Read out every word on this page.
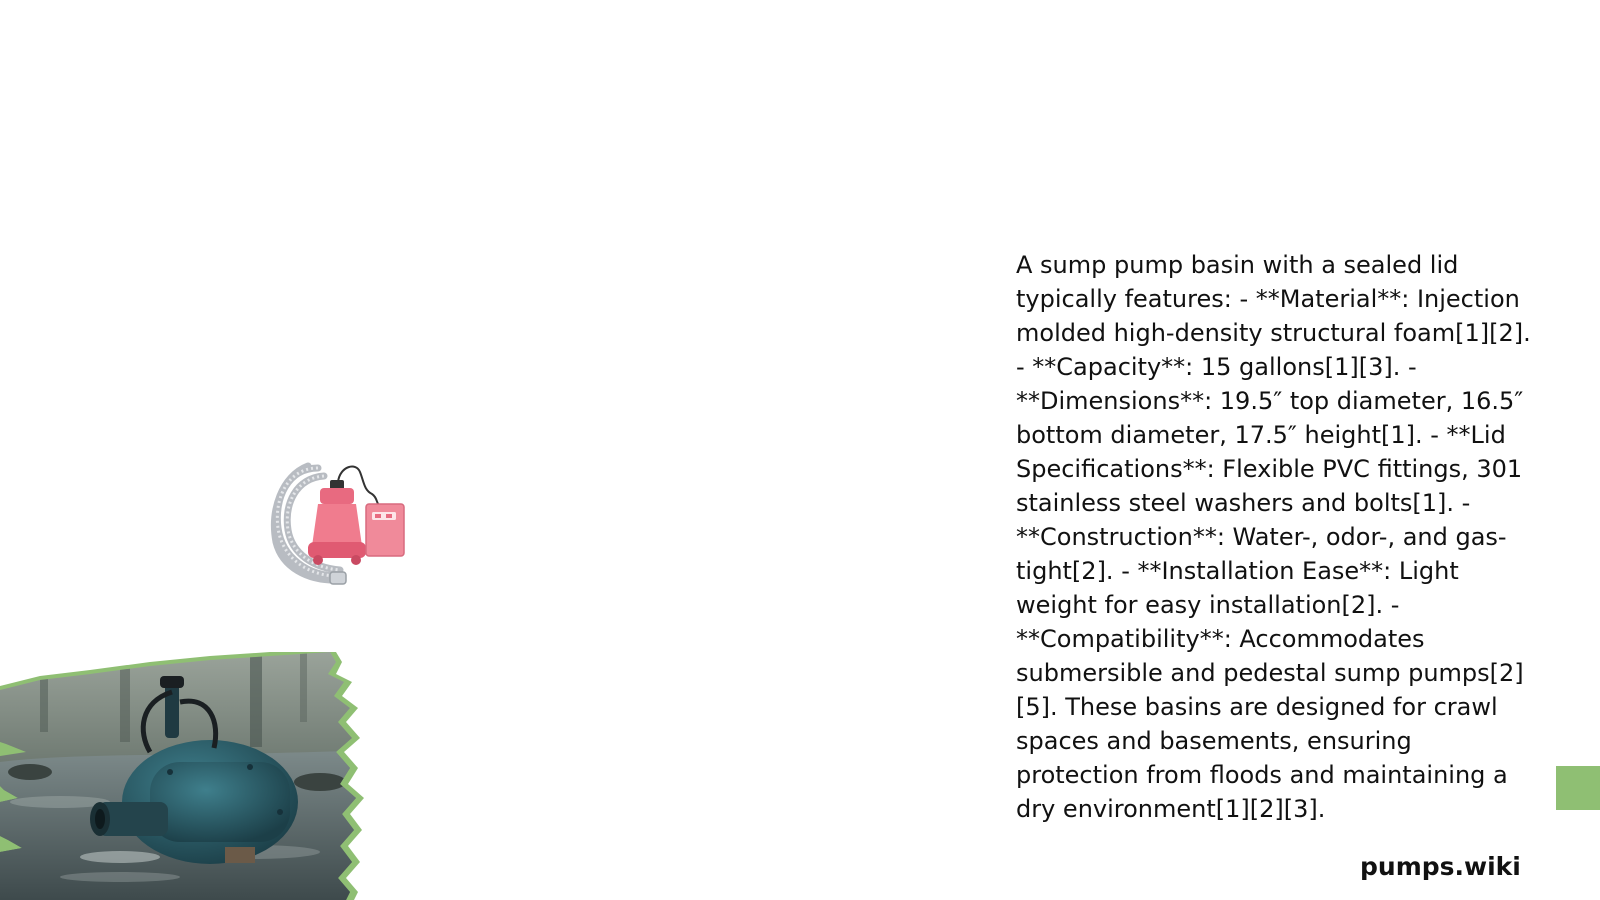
A sump pump basin with a sealed lid typically features: - **Material**: Injection molded high-density structural foam[1][2]. - **Capacity**: 15 gallons[1][3]. - **Dimensions**: 19.5″ top diameter, 16.5″ bottom diameter, 17.5″ height[1]. - **Lid Specifications**: Flexible PVC fittings, 301 stainless steel washers and bolts[1]. - **Construction**: Water-, odor-, and gas-tight[2]. - **Installation Ease**: Light weight for easy installation[2]. - **Compatibility**: Accommodates submersible and pedestal sump pumps[2][5]. These basins are designed for crawl spaces and basements, ensuring protection from floods and maintaining a dry environment[1][2][3].
pumps.wiki
